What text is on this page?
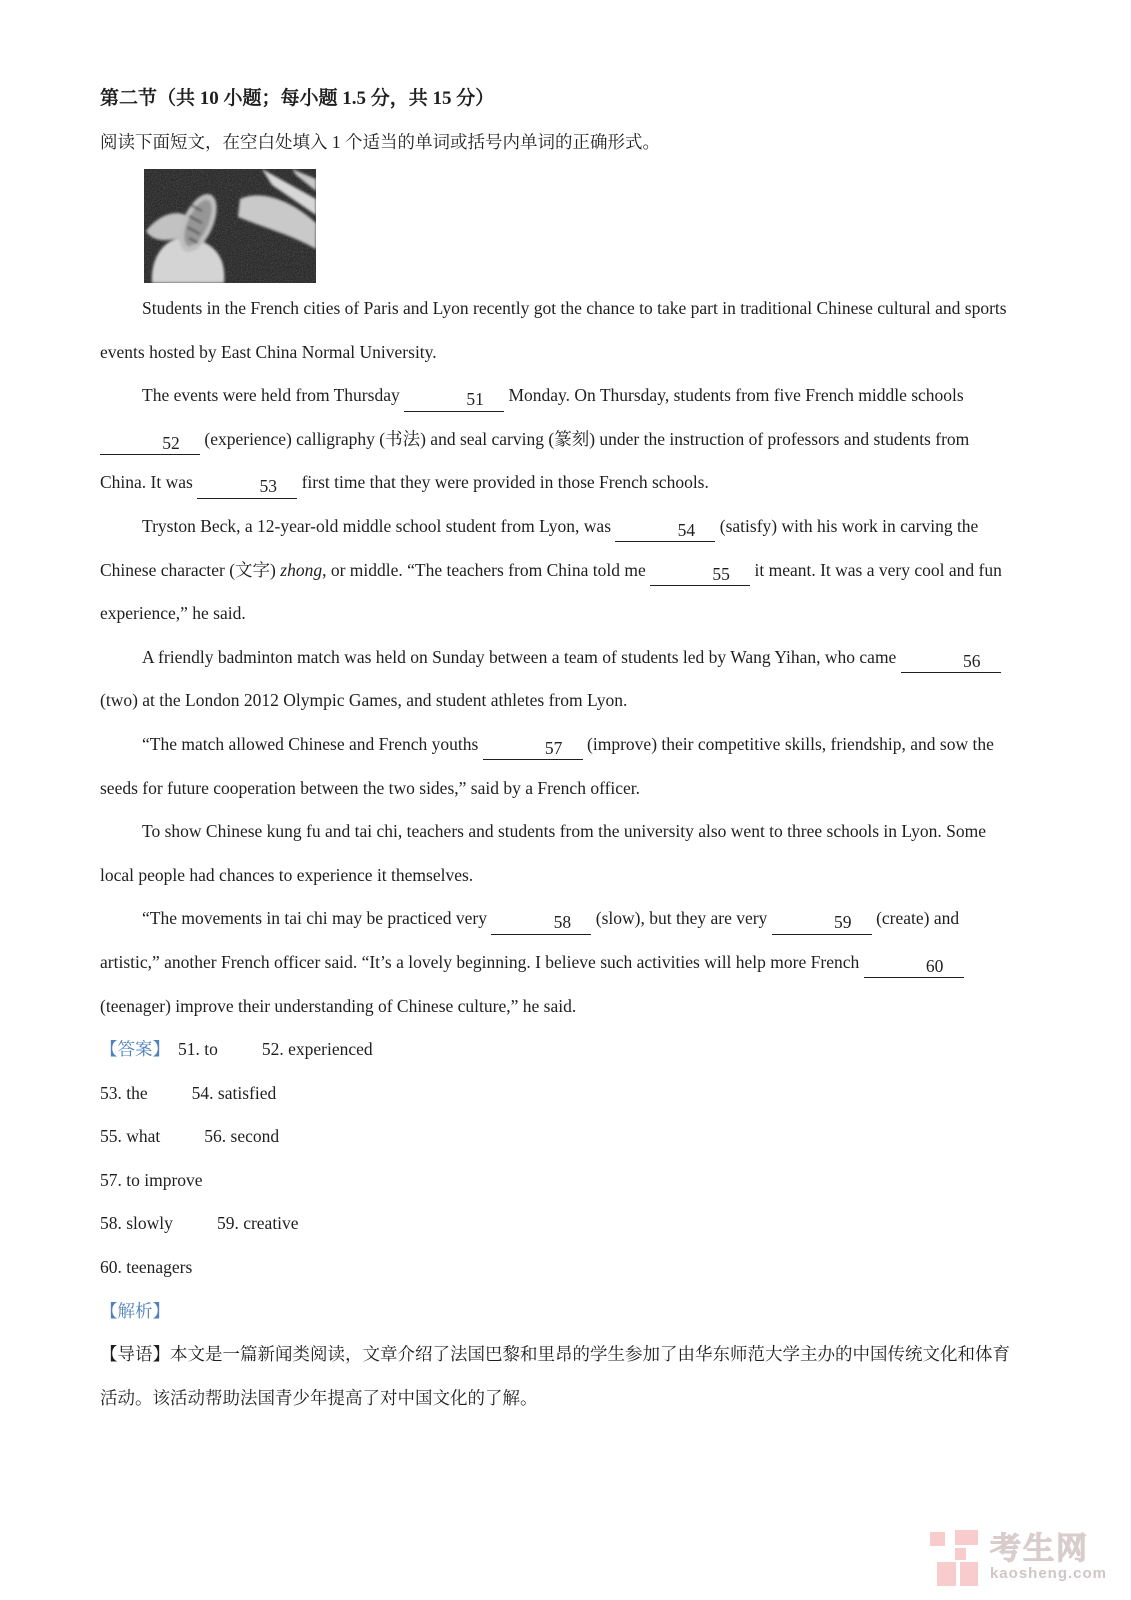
第二节（共 10 小题；每小题 1.5 分，共 15 分）
阅读下面短文，在空白处填入 1 个适当的单词或括号内单词的正确形式。

Students in the French cities of Paris and Lyon recently got the chance to take part in traditional Chinese cultural and sports events hosted by East China Normal University.

The events were held from Thursday	51 Monday. On Thursday, students from five French middle schools 52 (experience) calligraphy (书法) and seal carving (篆刻) under the instruction of professors and students from China. It was	53 first time that they were provided in those French schools.

Tryston Beck, a 12-year-old middle school student from Lyon, was	54 (satisfy) with his work in carving the Chinese character (文字) zhong, or middle. “The teachers from China told me	55 it meant. It was a very cool and fun experience,” he said.

A friendly badminton match was held on Sunday between a team of students led by Wang Yihan, who came	56 (two) at the London 2012 Olympic Games, and student athletes from Lyon.

“The match allowed Chinese and French youths	57 (improve) their competitive skills, friendship, and sow the seeds for future cooperation between the two sides,” said by a French officer.

To show Chinese kung fu and tai chi, teachers and students from the university also went to three schools in Lyon. Some local people had chances to experience it themselves.

“The movements in tai chi may be practiced very	58 (slow), but they are very	59 (create) and artistic,” another French officer said. “It’s a lovely beginning. I believe such activities will help more French	60 (teenager) improve their understanding of Chinese culture,” he said.

【答案】 51. to	52. experienced
53. the	54. satisfied
55. what	56. second
57. to improve
58. slowly	59. creative
60. teenagers
【解析】

【导语】本文是一篇新闻类阅读，文章介绍了法国巴黎和里昂的学生参加了由华东师范大学主办的中国传统文化和体育活动。该活动帮助法国青少年提高了对中国文化的了解。

考生网
kaosheng.com
